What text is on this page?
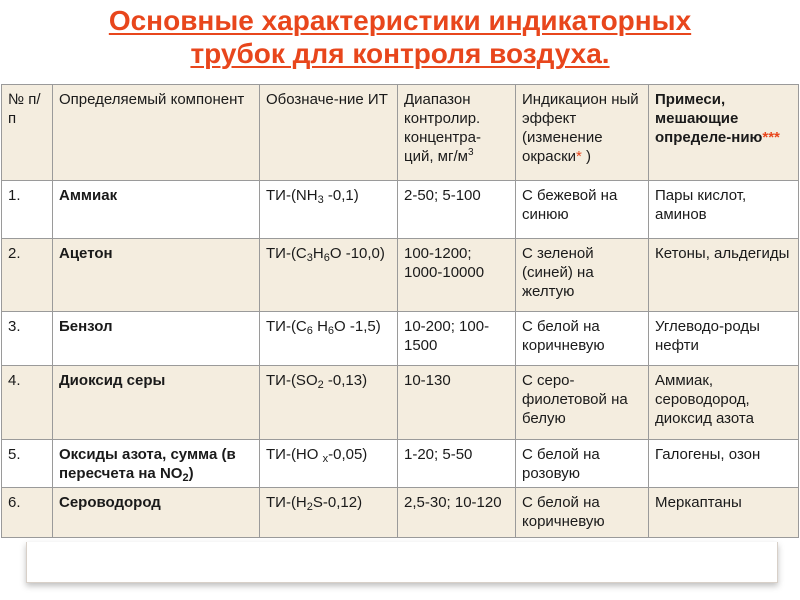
Основные характеристики индикаторных
трубок для контроля воздуха.
№ п/п	Определяемый компонент	Обозначе-ние ИТ	Диапазон контролир. концентра-ций, $мг/м^3$	Индикацион ный эффект (изменение окраски* )	Примеси, мешающие определе-нию***
1.	Аммиак	$ТИ-(NH_3$ -0,1)	2-50; 5-100	С бежевой на синюю	Пары кислот, аминов
2.	Ацетон	$ТИ-(C_3H_6O$ -10,0)	100-1200; 1000-10000	С зеленой (синей) на желтую	Кетоны, альдегиды
3.	Бензол	$ТИ-(C_6$ $H_6O$ -1,5)	10-200; 100-1500	С белой на коричневую	Углеводо-роды нефти
4.	Диоксид серы	$ТИ-(SO_2$ -0,13)	10-130	С серо-фиолетовой на белую	Аммиак, сероводород, диоксид азота
5.	Оксиды азота, сумма (в пересчета на $NO_2$)	ТИ-(НО $_x$-0,05)	1-20; 5-50	С белой на розовую	Галогены, озон
6.	Сероводород	$ТИ-(H_2S-0,12)$	2,5-30; 10-120	С белой на коричневую	Меркаптаны
